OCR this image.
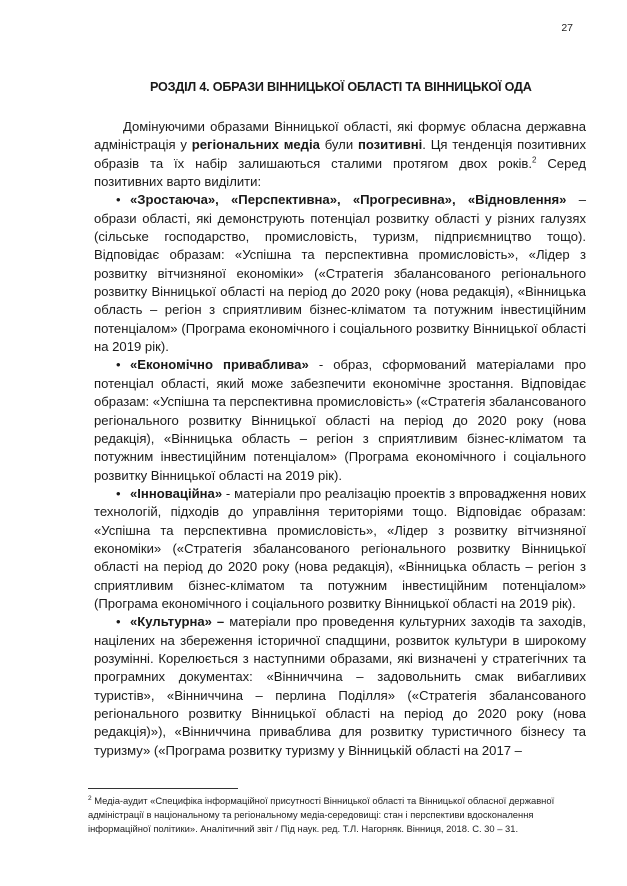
27
РОЗДІЛ 4. ОБРАЗИ ВІННИЦЬКОЇ ОБЛАСТІ ТА ВІННИЦЬКОЇ ОДА

Домінуючими образами Вінницької області, які формує обласна державна адміністрація у регіональних медіа були позитивні. Ця тенденція позитивних образів та їх набір залишаються сталими протягом двох років.$^2$ Серед позитивних варто виділити:

• «Зростаюча», «Перспективна», «Прогресивна», «Відновлення» – образи області, які демонструють потенціал розвитку області у різних галузях (сільське господарство, промисловість, туризм, підприємництво тощо). Відповідає образам: «Успішна та перспективна промисловість», «Лідер з розвитку вітчизняної економіки» («Стратегія збалансованого регіонального розвитку Вінницької області на період до 2020 року (нова редакція), «Вінницька область – регіон з сприятливим бізнес-кліматом та потужним інвестиційним потенціалом» (Програма економічного і соціального розвитку Вінницької області на 2019 рік).

• «Економічно приваблива» - образ, сформований матеріалами про потенціал області, який може забезпечити економічне зростання. Відповідає образам: «Успішна та перспективна промисловість» («Стратегія збалансованого регіонального розвитку Вінницької області на період до 2020 року (нова редакція), «Вінницька область – регіон з сприятливим бізнес-кліматом та потужним інвестиційним потенціалом» (Програма економічного і соціального розвитку Вінницької області на 2019 рік).

• «Інноваційна» - матеріали про реалізацію проектів з впровадження нових технологій, підходів до управління територіями тощо. Відповідає образам: «Успішна та перспективна промисловість», «Лідер з розвитку вітчизняної економіки» («Стратегія збалансованого регіонального розвитку Вінницької області на період до 2020 року (нова редакція), «Вінницька область – регіон з сприятливим бізнес-кліматом та потужним інвестиційним потенціалом» (Програма економічного і соціального розвитку Вінницької області на 2019 рік).

• «Культурна» – матеріали про проведення культурних заходів та заходів, націлених на збереження історичної спадщини, розвиток культури в широкому розумінні. Корелюється з наступними образами, які визначені у стратегічних та програмних документах: «Вінниччина – задовольнить смак вибагливих туристів», «Вінниччина – перлина Поділля» («Стратегія збалансованого регіонального розвитку Вінницької області на період до 2020 року (нова редакція)»), «Вінниччина приваблива для розвитку туристичного бізнесу та туризму» («Програма розвитку туризму у Вінницькій області на 2017 –

$^2$ Медіа-аудит «Специфіка інформаційної присутності Вінницької області та Вінницької обласної державної адміністрації в національному та регіональному медіа-середовищі: стан і перспективи вдосконалення інформаційної політики». Аналітичний звіт / Під наук. ред. Т.Л. Нагорняк. Вінниця, 2018. С. 30 – 31.
